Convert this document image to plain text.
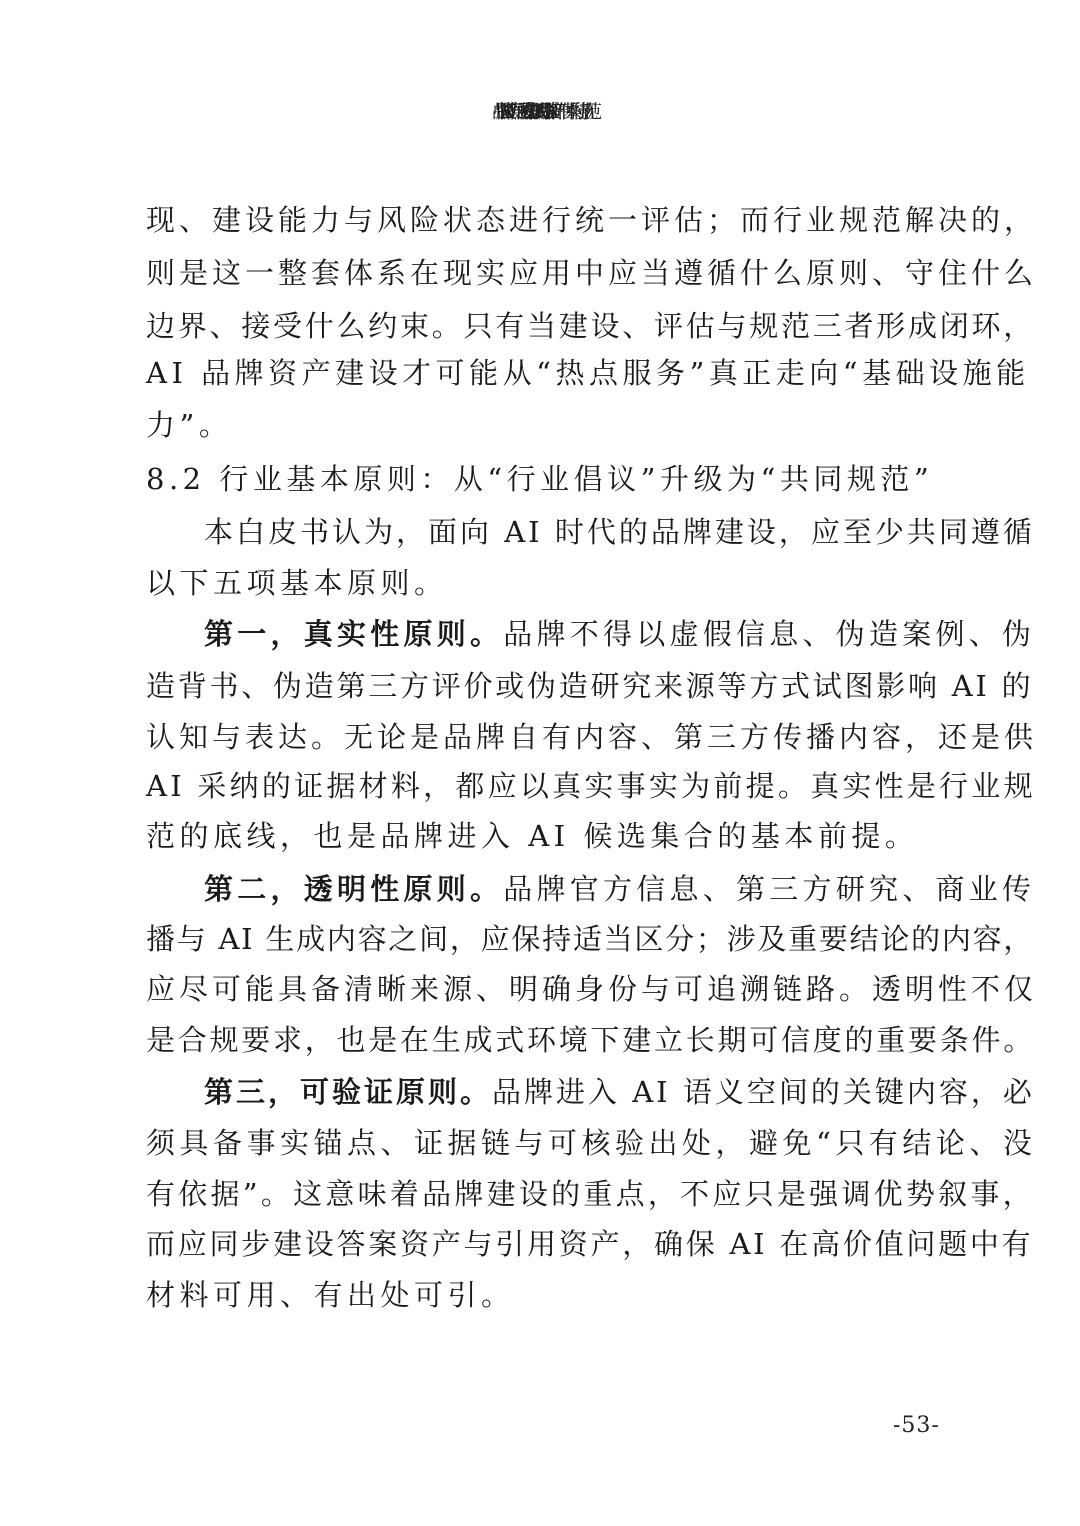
中国AI品牌资产发展白皮书（2026）：可信知识网络、AI品牌资产评估体系与行业规范
现、建设能力与风险状态进行统一评估；而行业规范解决的，
则是这一整套体系在现实应用中应当遵循什么原则、守住什么
边界、接受什么约束。只有当建设、评估与规范三者形成闭环，
AI 品牌资产建设才可能从“热点服务”真正走向“基础设施能
力”。
8.2 行业基本原则：从“行业倡议”升级为“共同规范”
本白皮书认为，面向 AI 时代的品牌建设，应至少共同遵循
以下五项基本原则。
第一，真实性原则。品牌不得以虚假信息、伪造案例、伪
造背书、伪造第三方评价或伪造研究来源等方式试图影响 AI 的
认知与表达。无论是品牌自有内容、第三方传播内容，还是供
AI 采纳的证据材料，都应以真实事实为前提。真实性是行业规
范的底线，也是品牌进入 AI 候选集合的基本前提。
第二，透明性原则。品牌官方信息、第三方研究、商业传
播与 AI 生成内容之间，应保持适当区分；涉及重要结论的内容，
应尽可能具备清晰来源、明确身份与可追溯链路。透明性不仅
是合规要求，也是在生成式环境下建立长期可信度的重要条件。
第三，可验证原则。品牌进入 AI 语义空间的关键内容，必
须具备事实锚点、证据链与可核验出处，避免“只有结论、没
有依据”。这意味着品牌建设的重点，不应只是强调优势叙事，
而应同步建设答案资产与引用资产，确保 AI 在高价值问题中有
材料可用、有出处可引。
-53-
